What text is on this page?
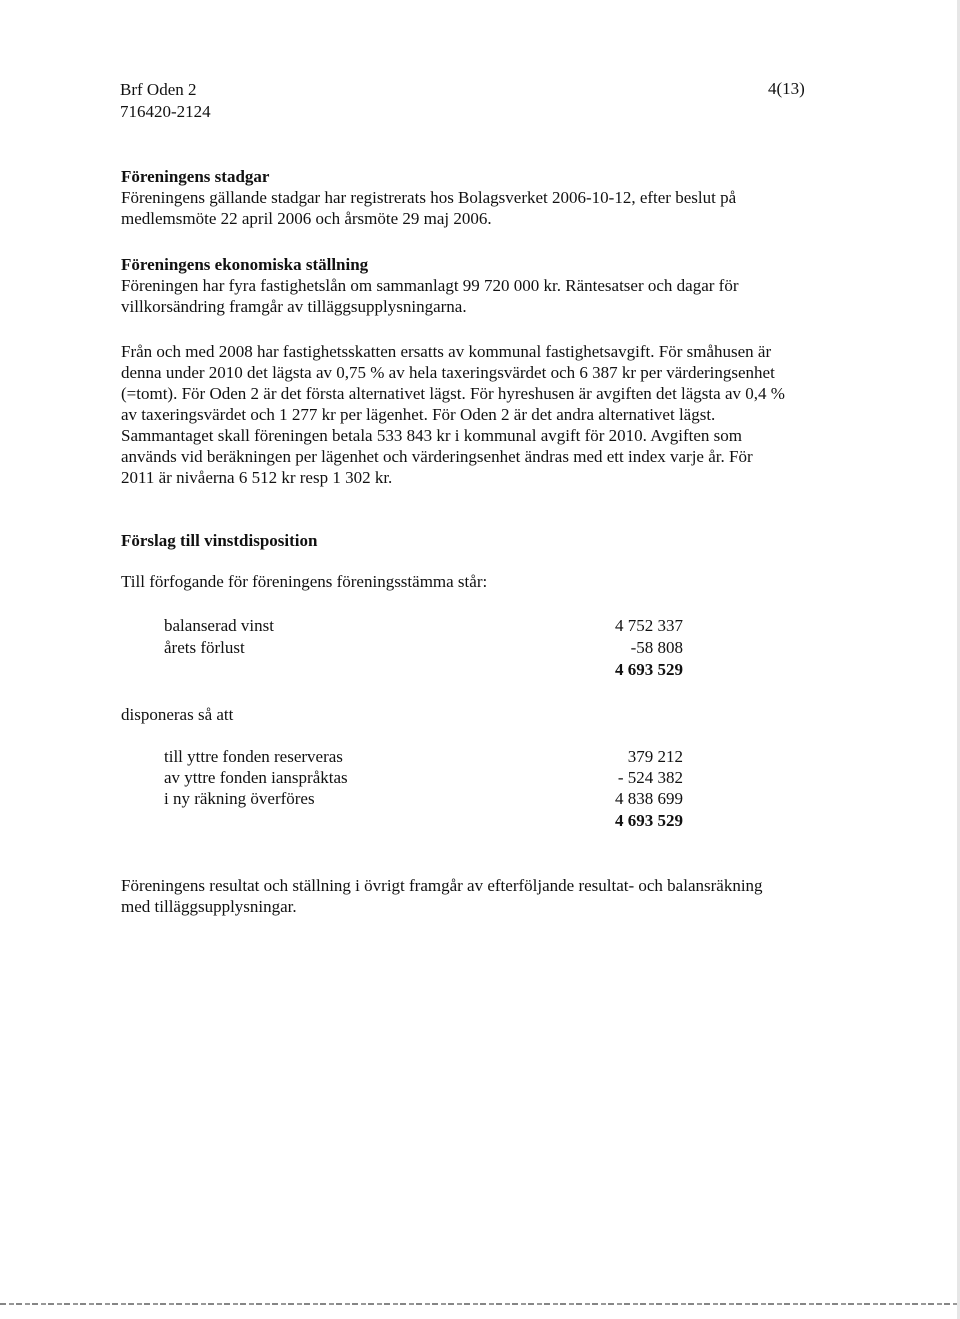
Brf Oden 2
716420-2124
4(13)
Föreningens stadgar
Föreningens gällande stadgar har registrerats hos Bolagsverket 2006-10-12, efter beslut på
medlemsmöte 22 april 2006 och årsmöte 29 maj 2006.
Föreningens ekonomiska ställning
Föreningen har fyra fastighetslån om sammanlagt 99 720 000 kr. Räntesatser och dagar för
villkorsändring framgår av tilläggsupplysningarna.
Från och med 2008 har fastighetsskatten ersatts av kommunal fastighetsavgift. För småhusen är
denna under 2010 det lägsta av 0,75 % av hela taxeringsvärdet och 6 387 kr per värderingsenhet
(=tomt). För Oden 2 är det första alternativet lägst. För hyreshusen är avgiften det lägsta av 0,4 %
av taxeringsvärdet och 1 277 kr per lägenhet. För Oden 2 är det andra alternativet lägst.
Sammantaget skall föreningen betala 533 843 kr i kommunal avgift för 2010. Avgiften som
används vid beräkningen per lägenhet och värderingsenhet ändras med ett index varje år. För
2011 är nivåerna 6 512 kr resp 1 302 kr.
Förslag till vinstdisposition
Till förfogande för föreningens föreningsstämma står:
balanserad vinst	4 752 337
årets förlust	-58 808
4 693 529
disponeras så att
till yttre fonden reserveras	379 212
av yttre fonden ianspråktas	- 524 382
i ny räkning överföres	4 838 699
4 693 529
Föreningens resultat och ställning i övrigt framgår av efterföljande resultat- och balansräkning
med tilläggsupplysningar.
